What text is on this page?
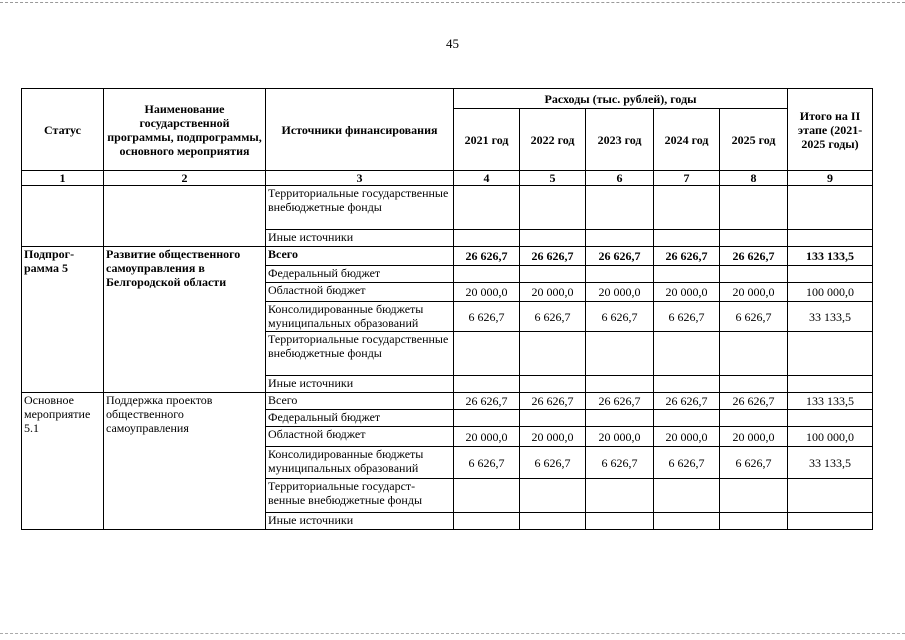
45
Статус	Наименование государственной программы, подпрограммы, основного мероприятия	Источники финансирования	Расходы (тыс. рублей), годы					Итого на II этапе (2021-2025 годы)
			2021 год	2022 год	2023 год	2024 год	2025 год	
1	2	3	4	5	6	7	8	9
		Территориальные государственные внебюджетные фонды						
		Иные источники						
Подпрог- рамма 5	Развитие общественного самоуправления в Белгородской области	Всего	26 626,7	26 626,7	26 626,7	26 626,7	26 626,7	133 133,5
		Федеральный бюджет						
		Областной бюджет	20 000,0	20 000,0	20 000,0	20 000,0	20 000,0	100 000,0
		Консолидированные бюджеты муниципальных образований	6 626,7	6 626,7	6 626,7	6 626,7	6 626,7	33 133,5
		Территориальные государственные внебюджетные фонды						
		Иные источники						
Основное мероприятие 5.1	Поддержка проектов общественного самоуправления	Всего	26 626,7	26 626,7	26 626,7	26 626,7	26 626,7	133 133,5
		Федеральный бюджет						
		Областной бюджет	20 000,0	20 000,0	20 000,0	20 000,0	20 000,0	100 000,0
		Консолидированные бюджеты муниципальных образований	6 626,7	6 626,7	6 626,7	6 626,7	6 626,7	33 133,5
		Территориальные государст- венные внебюджетные фонды						
		Иные источники						
